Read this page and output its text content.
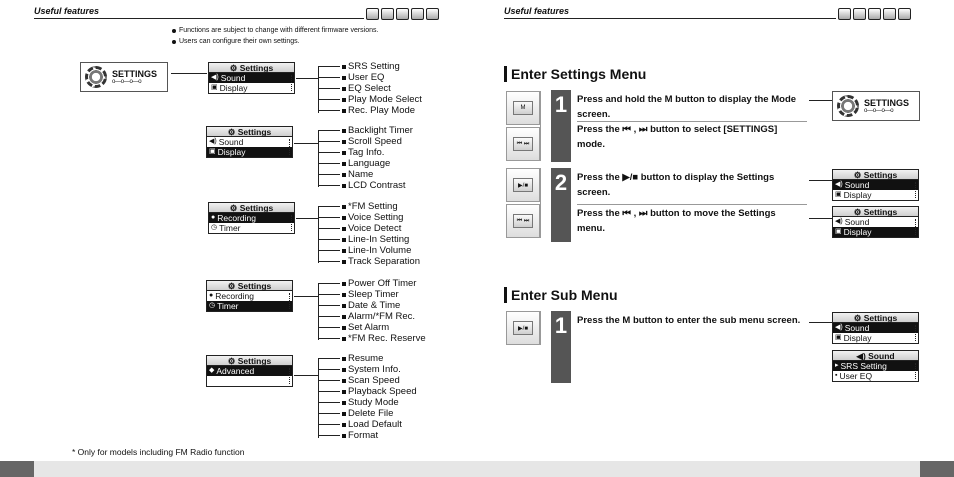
Useful features
Functions are subject to change with different firmware versions.
Users can configure their own settings.
SETTINGS
o—o—o—o
⚙ Settings
◀) Sound
▣ Display
SRS Setting
User EQ
EQ Select
Play Mode Select
Rec. Play Mode
⚙ Settings
◀) Sound
▣ Display
Backlight Timer
Scroll Speed
Tag Info.
Language
Name
LCD Contrast
⚙ Settings
● Recording
◷ Timer
*FM Setting
Voice Setting
Voice Detect
Line-In Setting
Line-In Volume
Track Separation
⚙ Settings
● Recording
◷ Timer
Power Off Timer
Sleep Timer
Date & Time
Alarm/*FM Rec.
Set Alarm
*FM Rec. Reserve
⚙ Settings
◆ Advanced
Resume
System Info.
Scan Speed
Playback Speed
Study Mode
Delete File
Load Default
Format
* Only for models including FM Radio function
Useful features
Enter Settings Menu
M
⏮ ⏭
1	Press and hold the M button to display the Mode screen.

Press the ⏮ , ⏭ button to select [SETTINGS] mode.

SETTINGS
o—o—o—o
▶/■
⏮ ⏭
2	Press the ▶/■ button to display the Settings screen.

Press the ⏮ , ⏭ button to move the Settings menu.

⚙ Settings
◀) Sound
▣ Display
⚙ Settings
◀) Sound
▣ Display
Enter Sub Menu
▶/■ 1	Press the M button to enter the sub menu screen.	⚙ Settings
◀) Sound
▣ Display
◀) Sound
▸ SRS Setting
▪ User EQ
